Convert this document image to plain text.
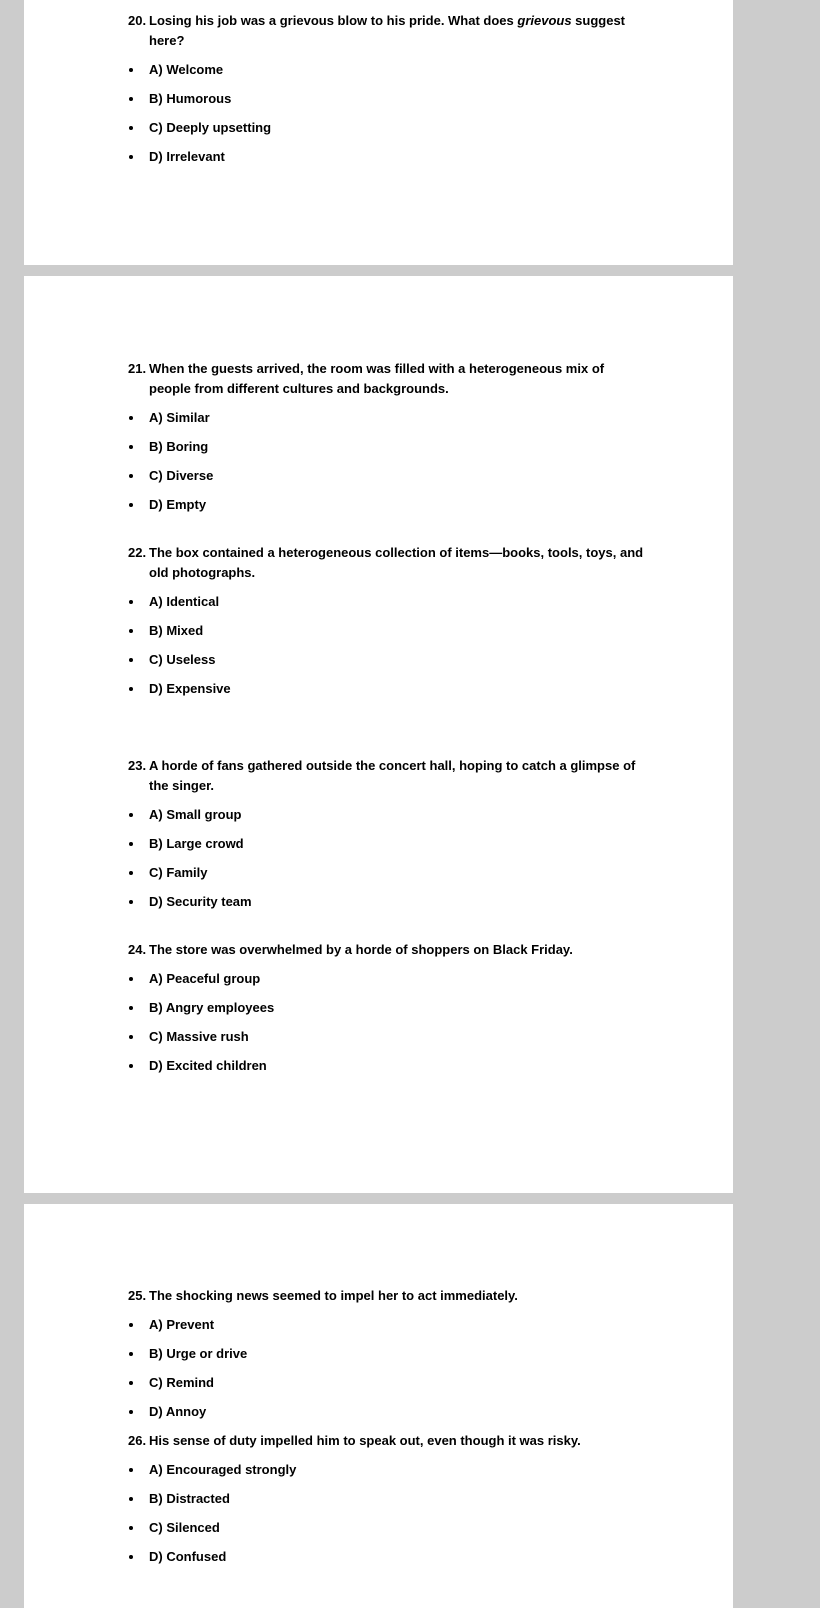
20. Losing his job was a grievous blow to his pride. What does grievous suggest here?
A) Welcome
B) Humorous
C) Deeply upsetting
D) Irrelevant
21. When the guests arrived, the room was filled with a heterogeneous mix of people from different cultures and backgrounds.
A) Similar
B) Boring
C) Diverse
D) Empty
22. The box contained a heterogeneous collection of items—books, tools, toys, and old photographs.
A) Identical
B) Mixed
C) Useless
D) Expensive
23. A horde of fans gathered outside the concert hall, hoping to catch a glimpse of the singer.
A) Small group
B) Large crowd
C) Family
D) Security team
24. The store was overwhelmed by a horde of shoppers on Black Friday.
A) Peaceful group
B) Angry employees
C) Massive rush
D) Excited children
25. The shocking news seemed to impel her to act immediately.
A) Prevent
B) Urge or drive
C) Remind
D) Annoy
26. His sense of duty impelled him to speak out, even though it was risky.
A) Encouraged strongly
B) Distracted
C) Silenced
D) Confused
